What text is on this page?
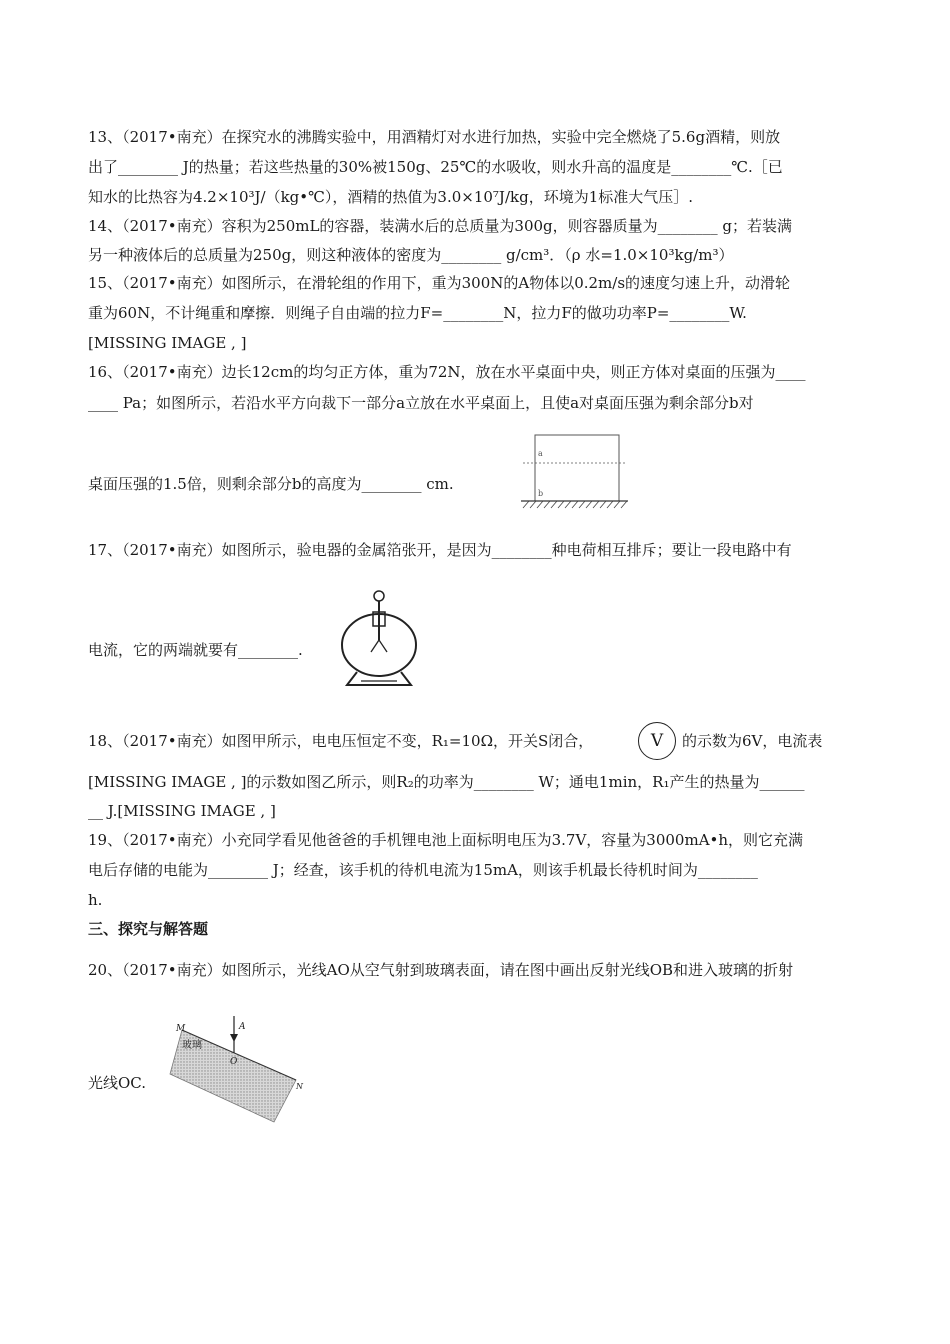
13、（2017•南充）在探究水的沸腾实验中，用酒精灯对水进行加热，实验中完全燃烧了5.6g酒精，则放
出了________ J的热量；若这些热量的30%被150g、25℃的水吸收，则水升高的温度是________℃.［已
知水的比热容为4.2×10³J/（kg•℃），酒精的热值为3.0×10⁷J/kg，环境为1标准大气压］.
14、（2017•南充）容积为250mL的容器，装满水后的总质量为300g，则容器质量为________ g；若装满
另一种液体后的总质量为250g，则这种液体的密度为________ g/cm³．（ρ 水=1.0×10³kg/m³）
15、（2017•南充）如图所示，在滑轮组的作用下，重为300N的A物体以0.2m/s的速度匀速上升，动滑轮
重为60N，不计绳重和摩擦．则绳子自由端的拉力F=________N，拉力F的做功功率P=________W.
[MISSING IMAGE , ]
16、（2017•南充）边长12cm的均匀正方体，重为72N，放在水平桌面中央，则正方体对桌面的压强为____
____ Pa；如图所示，若沿水平方向裁下一部分a立放在水平桌面上，且使a对桌面压强为剩余部分b对
桌面压强的1.5倍，则剩余部分b的高度为________ cm.
a
b
17、（2017•南充）如图所示，验电器的金属箔张开，是因为________种电荷相互排斥；要让一段电路中有
电流，它的两端就要有________.
18、（2017•南充）如图甲所示，电电压恒定不变，R₁=10Ω，开关S闭合，	V	的示数为6V，电流表
[MISSING IMAGE , ]的示数如图乙所示，则R₂的功率为________ W；通电1min，R₁产生的热量为______
__ J.[MISSING IMAGE , ]
19、（2017•南充）小充同学看见他爸爸的手机锂电池上面标明电压为3.7V，容量为3000mA•h，则它充满
电后存储的电能为________ J；经查，该手机的待机电流为15mA，则该手机最长待机时间为________
h.
三、探究与解答题
20、（2017•南充）如图所示，光线AO从空气射到玻璃表面，请在图中画出反射光线OB和进入玻璃的折射
光线OC.
M	A
O
N
玻璃
